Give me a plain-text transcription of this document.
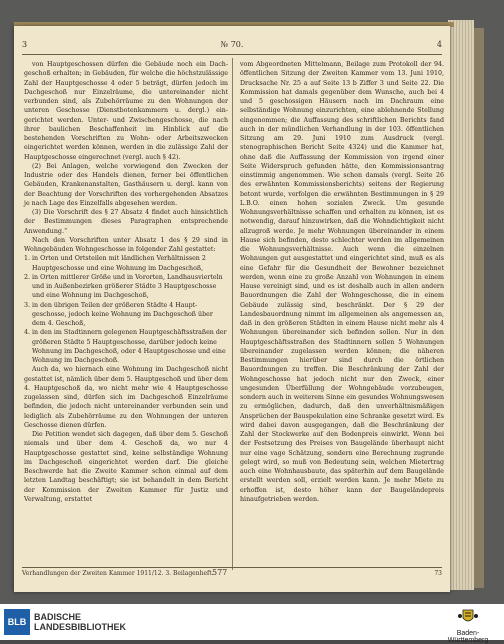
3	№ 70.	4

von Hauptgeschossen dürfen die Gebäude noch ein Dachgeschoß erhalten; in Gebäuden, für welche die höchstzulässige Zahl der Hauptgeschosse 4 oder 5 beträgt, dürfen jedoch im Dachgeschoß nur Einzelräume, die untereinander nicht verbunden sind, als Zubehörräume zu den Wohnungen der unteren Geschosse (Dienstbotenkammern u. dergl.) eingerichtet werden. Unter- und Zwischengeschosse, die nach ihrer baulichen Beschaffenheit im Hinblick auf die bestehenden Vorschriften zu Wohn- oder Arbeitszwecken eingerichtet werden können, werden in die zulässige Zahl der Hauptgeschosse eingerechnet (vergl. auch § 42).

(2) Bei Anlagen, welche vorwiegend den Zwecken der Industrie oder des Handels dienen, ferner bei öffentlichen Gebäuden, Krankenanstalten, Gasthäusern u. dergl. kann von der Beachtung der Vorschriften des vorhergehenden Absatzes je nach Lage des Einzelfalls abgesehen werden.

(3) Die Vorschrift des § 27 Absatz 4 findet auch hinsichtlich der Bestimmungen dieses Paragraphen entsprechende Anwendung.“

Nach den Vorschriften unter Absatz 1 des § 29 sind in Wohngebäuden Wohngeschosse in folgender Zahl gestattet:

1. in Orten und Ortsteilen mit ländlichen Verhältnissen 2 Hauptgeschosse und eine Wohnung im Dachgeschoß,
2. in Orten mittlerer Größe und in Vororten, Landhausvierteln und in Außenbezirken größerer Städte 3 Hauptgeschosse und eine Wohnung im Dachgeschoß,
3. in den übrigen Teilen der größeren Städte 4 Hauptgeschosse, jedoch keine Wohnung im Dachgeschoß über dem 4. Geschoß,
4. in den im Stadtinnern gelegenen Hauptgeschäftsstraßen der größeren Städte 5 Hauptgeschosse, darüber jedoch keine Wohnung im Dachgeschoß, oder 4 Hauptgeschosse und eine Wohnung im Dachgeschoß.

Auch da, wo hiernach eine Wohnung im Dachgeschoß nicht gestattet ist, nämlich über dem 5. Hauptgeschoß und über dem 4. Hauptgeschoß da, wo nicht mehr wie 4 Hauptgeschosse zugelassen sind, dürfen sich im Dachgeschoß Einzelräume befinden, die jedoch nicht untereinander verbunden sein und lediglich als Zubehörräume zu den Wohnungen der unteren Geschosse dienen dürfen.

Die Petition wendet sich dagegen, daß über dem 5. Geschoß niemals und über dem 4. Geschoß da, wo nur 4 Hauptgeschosse gestattet sind, keine selbständige Wohnung im Dachgeschoß eingerichtet werden darf. Die gleiche Beschwerde hat die Zweite Kammer schon einmal auf dem letzten Landtag beschäftigt; sie ist behandelt in dem Bericht der Kommission der Zweiten Kammer für Justiz und Verwaltung, erstattet

vom Abgeordneten Mittelmann, Beilage zum Protokoll der 94. öffentlichen Sitzung der Zweiten Kammer vom 13. Juni 1910, Drucksache Nr. 25 a auf Seite 13 b Ziffer 3 und Seite 22. Die Kommission hat damals gegenüber dem Wunsche, auch bei 4 und 5 geschossigen Häusern nach im Dachraum eine selbständige Wohnung einzurichten, eine ablehnende Stellung eingenommen; die Auffassung des schriftlichen Berichts fand auch in der mündlichen Verhandlung in der 103. öffentlichen Sitzung am 29. Juni 1910 zum Ausdruck (vergl. stenographischen Bericht Seite 4324) und die Kammer hat, ohne daß die Auffassung der Kommission von irgend einer Seite Widerspruch gefunden hätte, den Kommissionsantrag einstimmig angenommen. Wie schon damals (vergl. Seite 26 des erwähnten Kommissionsberichts) seitens der Regierung betont wurde, verfolgen die erwähnten Bestimmungen in § 29 L.B.O. einen hohen sozialen Zweck. Um gesunde Wohnungsverhältnisse schaffen und erhalten zu können, ist es notwendig, darauf hinzuwirken, daß die Wohndichtigkeit nicht allzugroß werde. Je mehr Wohnungen übereinander in einem Hause sich befinden, desto schlechter werden im allgemeinen die Wohnungsverhältnisse. Auch wenn die einzelnen Wohnungen gut ausgestattet und eingerichtet sind, muß es als eine Gefahr für die Gesundheit der Bewohner bezeichnet werden, wenn eine zu große Anzahl von Wohnungen in einem Hause vereinigt sind, und es ist deshalb auch in allen andern Bauordnungen die Zahl der Wohngeschosse, die in einem Gebäude zulässig sind, beschränkt. Der § 29 der Landesbauordnung nimmt im allgemeinen als angemessen an, daß in den größeren Städten in einem Hause nicht mehr als 4 Wohnungen übereinander sich befinden sollen. Nur in den Hauptgeschäftsstraßen des Stadtinnern sollen 5 Wohnungen übereinander zugelassen werden können; die näheren Bestimmungen hierüber sind durch die örtlichen Bauordnungen zu treffen. Die Beschränkung der Zahl der Wohngeschosse hat jedoch nicht nur den Zweck, einer ungesunden Überfüllung der Wohngebäude vorzubeugen, sondern auch in weiterem Sinne ein gesundes Wohnungswesen zu ermöglichen, dadurch, daß den unverhältnismäßigen Ansprüchen der Bauspekulation eine Schranke gesetzt wird. Es wird dabei davon ausgegangen, daß die Beschränkung der Zahl der Stockwerke auf den Bodenpreis einwirkt. Wenn bei der Festsetzung des Preises von Baugelände überhaupt nicht nur eine vage Schätzung, sondern eine Berechnung zugrunde gelegt wird, so muß von Bedeutung sein, welchen Mietertrag auch eine Wohnhausbaute, das späterhin auf dem Baugelände erstellt werden soll, erzielt werden kann. Je mehr Miete zu erhoffen ist, desto höher kann der Baugeländepreis hinaufgetrieben werden.

Verhandlungen der Zweiten Kammer 1911/12. 3. Beilagenheft.
577	73
BLB BADISCHE
LANDESBIBLIOTHEK
Baden-Württemberg
